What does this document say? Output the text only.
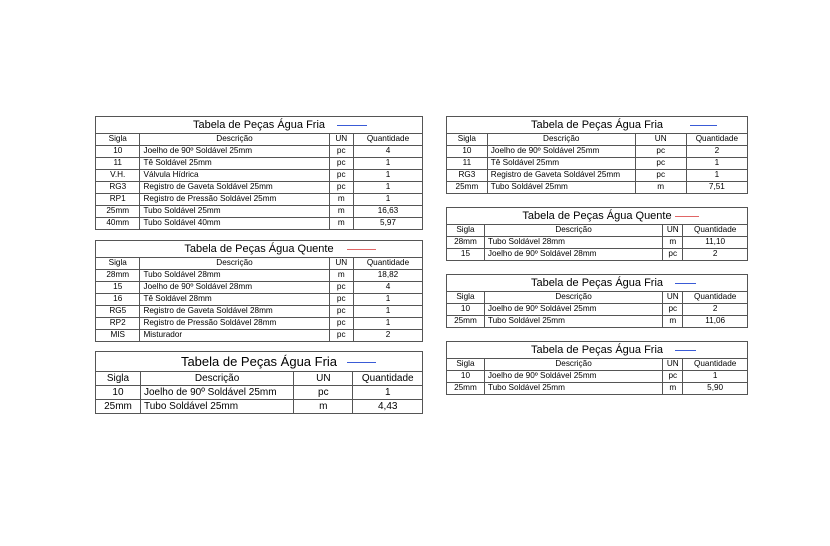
Tabela de Peças Água Fria			

Sigla	Descrição	UN	Quantidade
10	Joelho de 90º Soldável 25mm	pc	4
11	Tê Soldável 25mm	pc	1
V.H.	Válvula Hídrica	pc	1
RG3	Registro de Gaveta Soldável 25mm	pc	1
RP1	Registro de Pressão Soldável 25mm	m	1
25mm	Tubo Soldável 25mm	m	16,63
40mm	Tubo Soldável 40mm	m	5,97
Tabela de Peças Água Quente			

Sigla	Descrição	UN	Quantidade
28mm	Tubo Soldável 28mm	m	18,82
15	Joelho de 90º Soldável 28mm	pc	4
16	Tê Soldável 28mm	pc	1
RG5	Registro de Gaveta Soldável 28mm	pc	1
RP2	Registro de Pressão Soldável 28mm	pc	1
MIS	Misturador	pc	2
Tabela de Peças Água Fria			

Sigla	Descrição	UN	Quantidade
10	Joelho de 90º Soldável 25mm	pc	1
25mm	Tubo Soldável 25mm	m	4,43
Tabela de Peças Água Fria			

Sigla	Descrição	UN	Quantidade
10	Joelho de 90º Soldável 25mm	pc	2
11	Tê Soldável 25mm	pc	1
RG3	Registro de Gaveta Soldável 25mm	pc	1
25mm	Tubo Soldável 25mm	m	7,51
Tabela de Peças Água Quente			

Sigla	Descrição	UN	Quantidade
28mm	Tubo Soldável 28mm	m	11,10
15	Joelho de 90º Soldável 28mm	pc	2
Tabela de Peças Água Fria			

Sigla	Descrição	UN	Quantidade
10	Joelho de 90º Soldável 25mm	pc	2
25mm	Tubo Soldável 25mm	m	11,06
Tabela de Peças Água Fria			

Sigla	Descrição	UN	Quantidade
10	Joelho de 90º Soldável 25mm	pc	1
25mm	Tubo Soldável 25mm	m	5,90
